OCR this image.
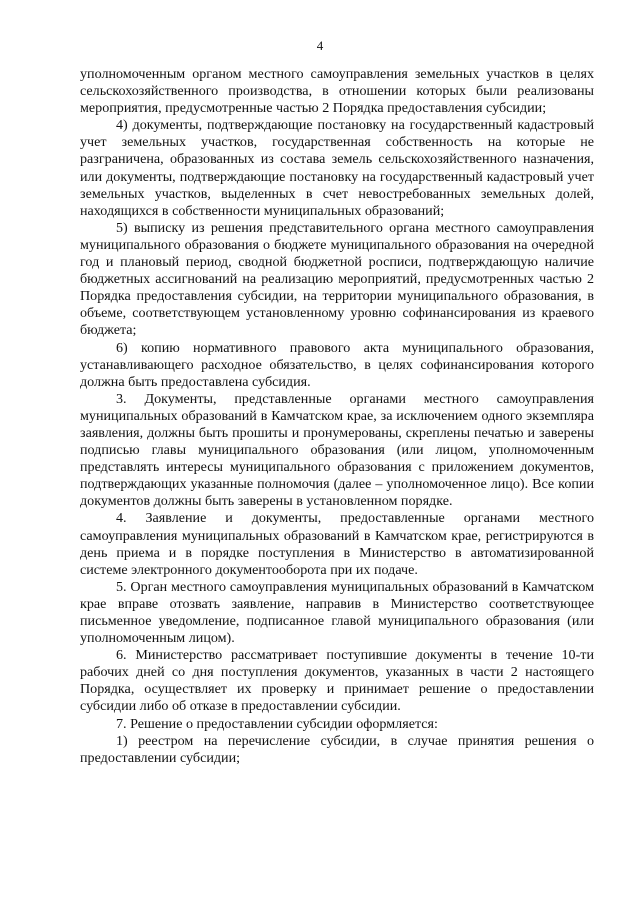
4

уполномоченным органом местного самоуправления земельных участков в целях сельскохозяйственного производства, в отношении которых были реализованы мероприятия, предусмотренные частью 2 Порядка предоставления субсидии;

4) документы, подтверждающие постановку на государственный кадастровый учет земельных участков, государственная собственность на которые не разграничена, образованных из состава земель сельскохозяйственного назначения, или документы, подтверждающие постановку на государственный кадастровый учет земельных участков, выделенных в счет невостребованных земельных долей, находящихся в собственности муниципальных образований;

5) выписку из решения представительного органа местного самоуправления муниципального образования о бюджете муниципального образования на очередной год и плановый период, сводной бюджетной росписи, подтверждающую наличие бюджетных ассигнований на реализацию мероприятий, предусмотренных частью 2 Порядка предоставления субсидии, на территории муниципального образования, в объеме, соответствующем установленному уровню софинансирования из краевого бюджета;

6) копию нормативного правового акта муниципального образования, устанавливающего расходное обязательство, в целях софинансирования которого должна быть предоставлена субсидия.

3. Документы, представленные органами местного самоуправления муниципальных образований в Камчатском крае, за исключением одного экземпляра заявления, должны быть прошиты и пронумерованы, скреплены печатью и заверены подписью главы муниципального образования (или лицом, уполномоченным представлять интересы муниципального образования с приложением документов, подтверждающих указанные полномочия (далее – уполномоченное лицо). Все копии документов должны быть заверены в установленном порядке.

4. Заявление и документы, предоставленные органами местного самоуправления муниципальных образований в Камчатском крае, регистрируются в день приема и в порядке поступления в Министерство в автоматизированной системе электронного документооборота при их подаче.

5. Орган местного самоуправления муниципальных образований в Камчатском крае вправе отозвать заявление, направив в Министерство соответствующее письменное уведомление, подписанное главой муниципального образования (или уполномоченным лицом).

6. Министерство рассматривает поступившие документы в течение 10-ти рабочих дней со дня поступления документов, указанных в части 2 настоящего Порядка, осуществляет их проверку и принимает решение о предоставлении субсидии либо об отказе в предоставлении субсидии.

7. Решение о предоставлении субсидии оформляется:

1) реестром на перечисление субсидии, в случае принятия решения о предоставлении субсидии;
